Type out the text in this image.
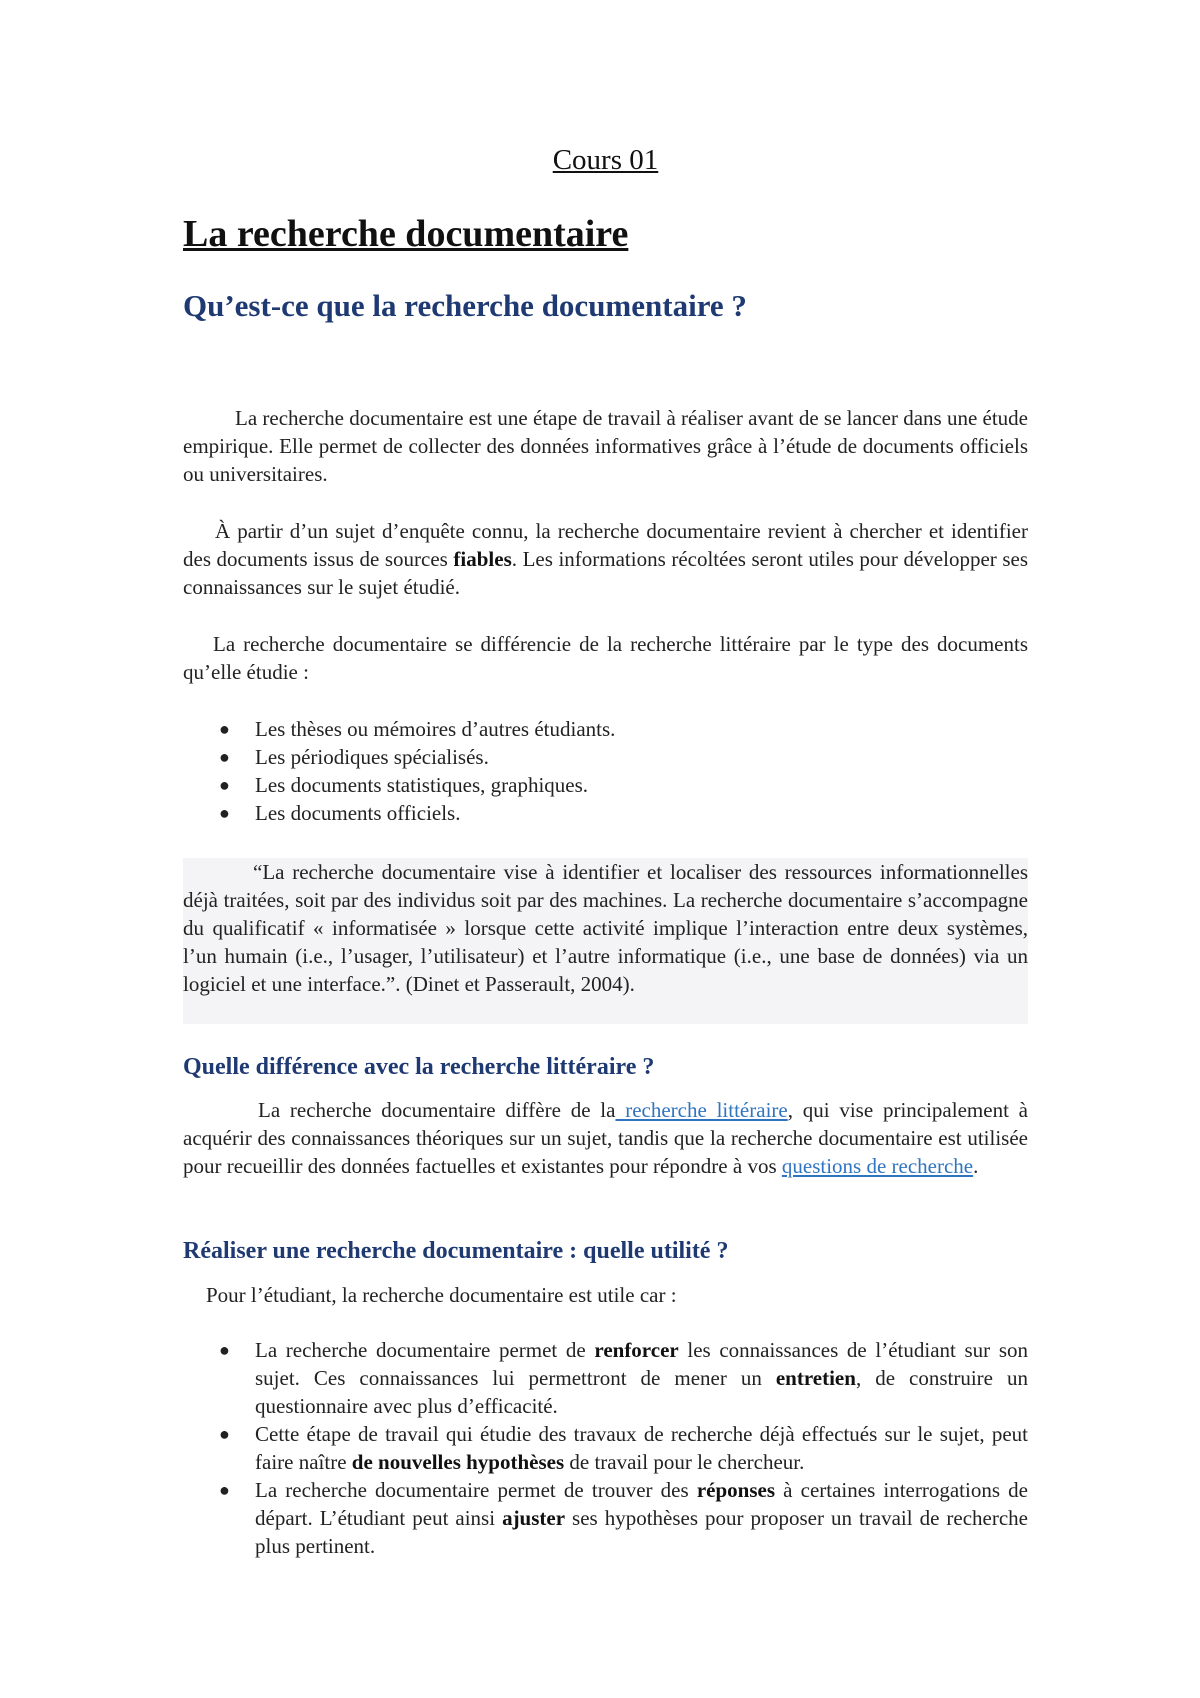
Cours 01

La recherche documentaire
Qu’est-ce que la recherche documentaire ?

La recherche documentaire est une étape de travail à réaliser avant de se lancer dans une étude empirique. Elle permet de collecter des données informatives grâce à l’étude de documents officiels ou universitaires.

À partir d’un sujet d’enquête connu, la recherche documentaire revient à chercher et identifier des documents issus de sources fiables. Les informations récoltées seront utiles pour développer ses connaissances sur le sujet étudié.

La recherche documentaire se différencie de la recherche littéraire par le type des documents qu’elle étudie :

● Les thèses ou mémoires d’autres étudiants.
● Les périodiques spécialisés.
● Les documents statistiques, graphiques.
● Les documents officiels.

“La recherche documentaire vise à identifier et localiser des ressources informationnelles déjà traitées, soit par des individus soit par des machines. La recherche documentaire s’accompagne du qualificatif « informatisée » lorsque cette activité implique l’interaction entre deux systèmes, l’un humain (i.e., l’usager, l’utilisateur) et l’autre informatique (i.e., une base de données) via un logiciel et une interface.”. (Dinet et Passerault, 2004).

Quelle différence avec la recherche littéraire ?

La recherche documentaire diffère de la recherche littéraire, qui vise principalement à acquérir des connaissances théoriques sur un sujet, tandis que la recherche documentaire est utilisée pour recueillir des données factuelles et existantes pour répondre à vos questions de recherche.

Réaliser une recherche documentaire : quelle utilité ?

Pour l’étudiant, la recherche documentaire est utile car :

● La recherche documentaire permet de renforcer les connaissances de l’étudiant sur son sujet. Ces connaissances lui permettront de mener un entretien, de construire un questionnaire avec plus d’efficacité.
● Cette étape de travail qui étudie des travaux de recherche déjà effectués sur le sujet, peut faire naître de nouvelles hypothèses de travail pour le chercheur.
● La recherche documentaire permet de trouver des réponses à certaines interrogations de départ. L’étudiant peut ainsi ajuster ses hypothèses pour proposer un travail de recherche plus pertinent.
